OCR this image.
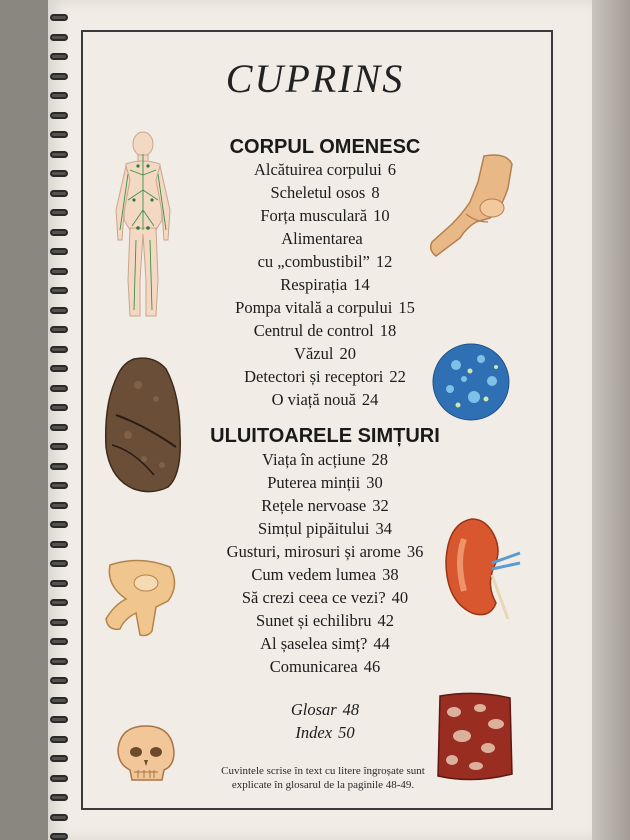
CUPRINS
CORPUL OMENESC
Alcătuirea corpului 6
Scheletul osos 8
Forța musculară 10
Alimentarea
cu „combustibil” 12
Respirația 14
Pompa vitală a corpului 15
Centrul de control 18
Văzul 20
Detectori și receptori 22
O viață nouă 24
ULUITOARELE SIMȚURI
Viața în acțiune 28
Puterea minții 30
Rețele nervoase 32
Simțul pipăitului 34
Gusturi, mirosuri și arome 36
Cum vedem lumea 38
Să crezi ceea ce vezi? 40
Sunet și echilibru 42
Al șaselea simț? 44
Comunicarea 46
Glosar 48
Index 50
Cuvintele scrise în text cu litere îngroșate sunt
explicate în glosarul de la paginile 48-49.
